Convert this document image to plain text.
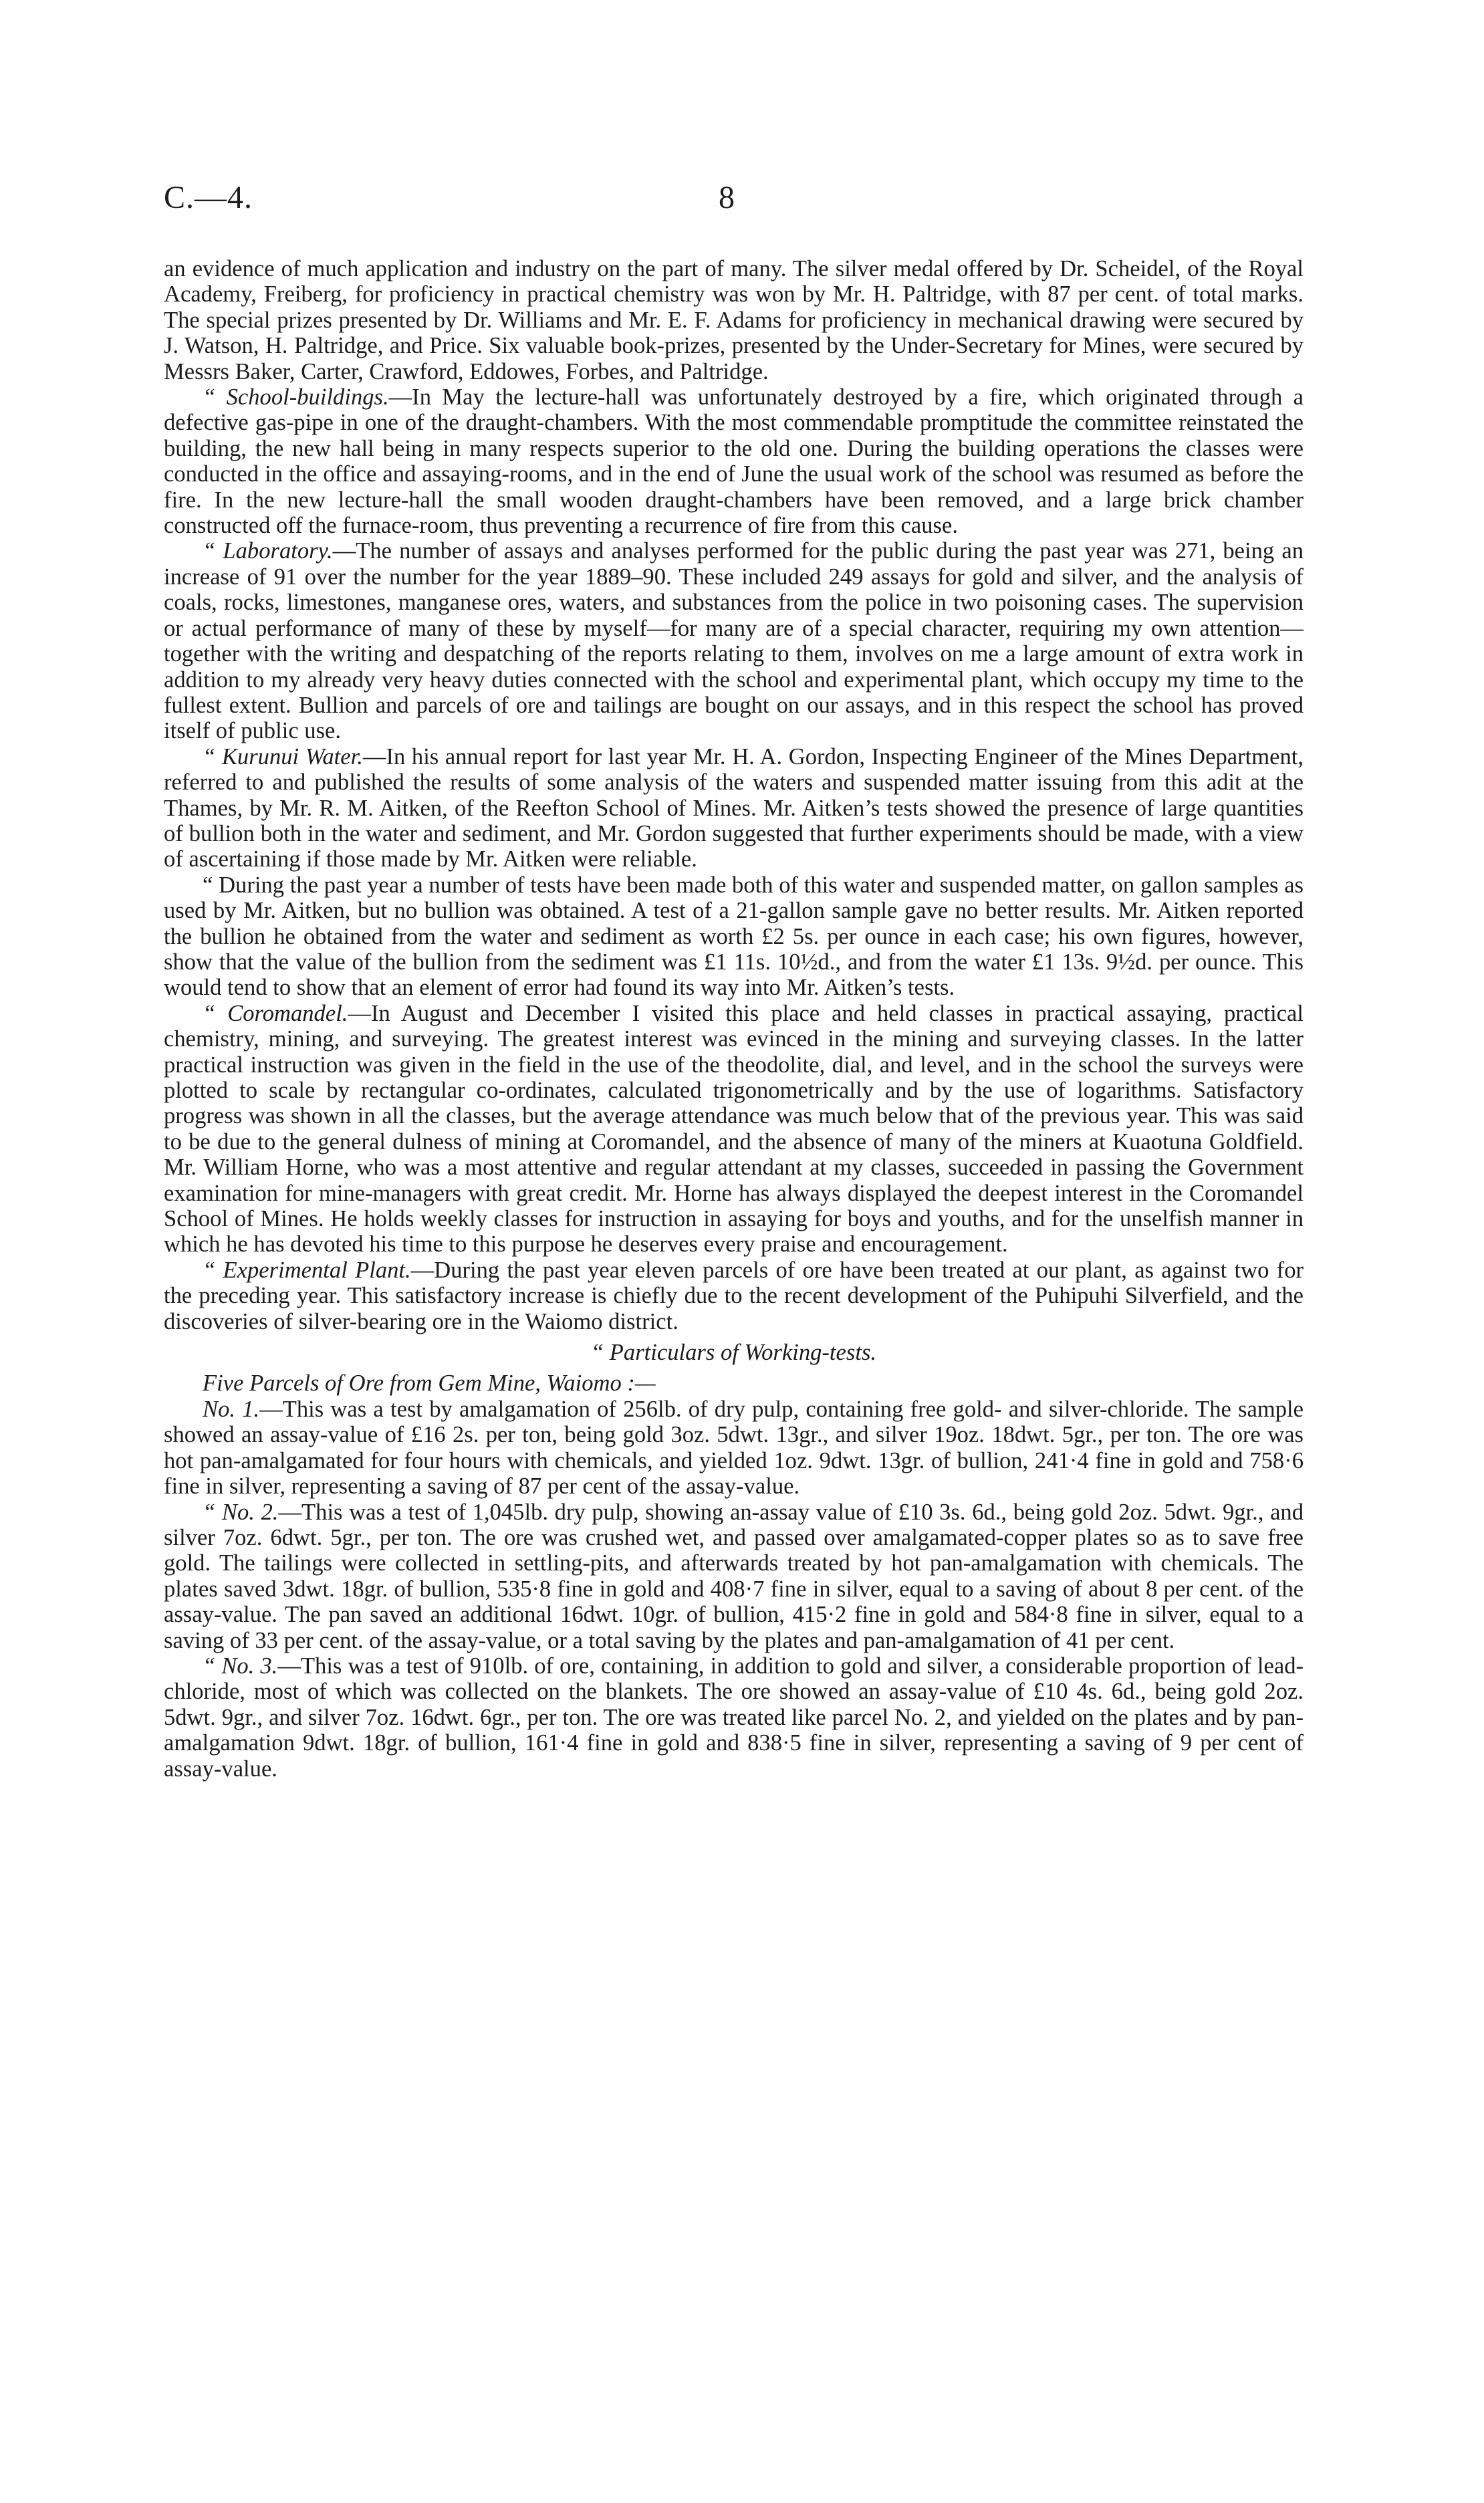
C.—4.	8

an evidence of much application and industry on the part of many. The silver medal offered by Dr. Scheidel, of the Royal Academy, Freiberg, for proficiency in practical chemistry was won by Mr. H. Paltridge, with 87 per cent. of total marks. The special prizes presented by Dr. Williams and Mr. E. F. Adams for proficiency in mechanical drawing were secured by J. Watson, H. Paltridge, and Price. Six valuable book-prizes, presented by the Under-Secretary for Mines, were secured by Messrs Baker, Carter, Crawford, Eddowes, Forbes, and Paltridge.

“ School-buildings.—In May the lecture-hall was unfortunately destroyed by a fire, which originated through a defective gas-pipe in one of the draught-chambers. With the most commendable promptitude the committee reinstated the building, the new hall being in many respects superior to the old one. During the building operations the classes were conducted in the office and assaying-rooms, and in the end of June the usual work of the school was resumed as before the fire. In the new lecture-hall the small wooden draught-chambers have been removed, and a large brick chamber constructed off the furnace-room, thus preventing a recurrence of fire from this cause.

“ Laboratory.—The number of assays and analyses performed for the public during the past year was 271, being an increase of 91 over the number for the year 1889–90. These included 249 assays for gold and silver, and the analysis of coals, rocks, limestones, manganese ores, waters, and substances from the police in two poisoning cases. The supervision or actual performance of many of these by myself—for many are of a special character, requiring my own attention—together with the writing and despatching of the reports relating to them, involves on me a large amount of extra work in addition to my already very heavy duties connected with the school and experimental plant, which occupy my time to the fullest extent. Bullion and parcels of ore and tailings are bought on our assays, and in this respect the school has proved itself of public use.

“ Kurunui Water.—In his annual report for last year Mr. H. A. Gordon, Inspecting Engineer of the Mines Department, referred to and published the results of some analysis of the waters and suspended matter issuing from this adit at the Thames, by Mr. R. M. Aitken, of the Reefton School of Mines. Mr. Aitken’s tests showed the presence of large quantities of bullion both in the water and sediment, and Mr. Gordon suggested that further experiments should be made, with a view of ascertaining if those made by Mr. Aitken were reliable.

“ During the past year a number of tests have been made both of this water and suspended matter, on gallon samples as used by Mr. Aitken, but no bullion was obtained. A test of a 21-gallon sample gave no better results. Mr. Aitken reported the bullion he obtained from the water and sediment as worth £2 5s. per ounce in each case; his own figures, however, show that the value of the bullion from the sediment was £1 11s. 10½d., and from the water £1 13s. 9½d. per ounce. This would tend to show that an element of error had found its way into Mr. Aitken’s tests.

“ Coromandel.—In August and December I visited this place and held classes in practical assaying, practical chemistry, mining, and surveying. The greatest interest was evinced in the mining and surveying classes. In the latter practical instruction was given in the field in the use of the theodolite, dial, and level, and in the school the surveys were plotted to scale by rectangular co-ordinates, calculated trigonometrically and by the use of logarithms. Satisfactory progress was shown in all the classes, but the average attendance was much below that of the previous year. This was said to be due to the general dulness of mining at Coromandel, and the absence of many of the miners at Kuaotuna Goldfield. Mr. William Horne, who was a most attentive and regular attendant at my classes, succeeded in passing the Government examination for mine-managers with great credit. Mr. Horne has always displayed the deepest interest in the Coromandel School of Mines. He holds weekly classes for instruction in assaying for boys and youths, and for the unselfish manner in which he has devoted his time to this purpose he deserves every praise and encouragement.

“ Experimental Plant.—During the past year eleven parcels of ore have been treated at our plant, as against two for the preceding year. This satisfactory increase is chiefly due to the recent development of the Puhipuhi Silverfield, and the discoveries of silver-bearing ore in the Waiomo district.

“ Particulars of Working-tests.

Five Parcels of Ore from Gem Mine, Waiomo :—

No. 1.—This was a test by amalgamation of 256lb. of dry pulp, containing free gold- and silver-chloride. The sample showed an assay-value of £16 2s. per ton, being gold 3oz. 5dwt. 13gr., and silver 19oz. 18dwt. 5gr., per ton. The ore was hot pan-amalgamated for four hours with chemicals, and yielded 1oz. 9dwt. 13gr. of bullion, 241·4 fine in gold and 758·6 fine in silver, representing a saving of 87 per cent of the assay-value.

“ No. 2.—This was a test of 1,045lb. dry pulp, showing an-assay value of £10 3s. 6d., being gold 2oz. 5dwt. 9gr., and silver 7oz. 6dwt. 5gr., per ton. The ore was crushed wet, and passed over amalgamated-copper plates so as to save free gold. The tailings were collected in settling-pits, and afterwards treated by hot pan-amalgamation with chemicals. The plates saved 3dwt. 18gr. of bullion, 535·8 fine in gold and 408·7 fine in silver, equal to a saving of about 8 per cent. of the assay-value. The pan saved an additional 16dwt. 10gr. of bullion, 415·2 fine in gold and 584·8 fine in silver, equal to a saving of 33 per cent. of the assay-value, or a total saving by the plates and pan-amalgamation of 41 per cent.

“ No. 3.—This was a test of 910lb. of ore, containing, in addition to gold and silver, a considerable proportion of lead-chloride, most of which was collected on the blankets. The ore showed an assay-value of £10 4s. 6d., being gold 2oz. 5dwt. 9gr., and silver 7oz. 16dwt. 6gr., per ton. The ore was treated like parcel No. 2, and yielded on the plates and by pan-amalgamation 9dwt. 18gr. of bullion, 161·4 fine in gold and 838·5 fine in silver, representing a saving of 9 per cent of assay-value.
